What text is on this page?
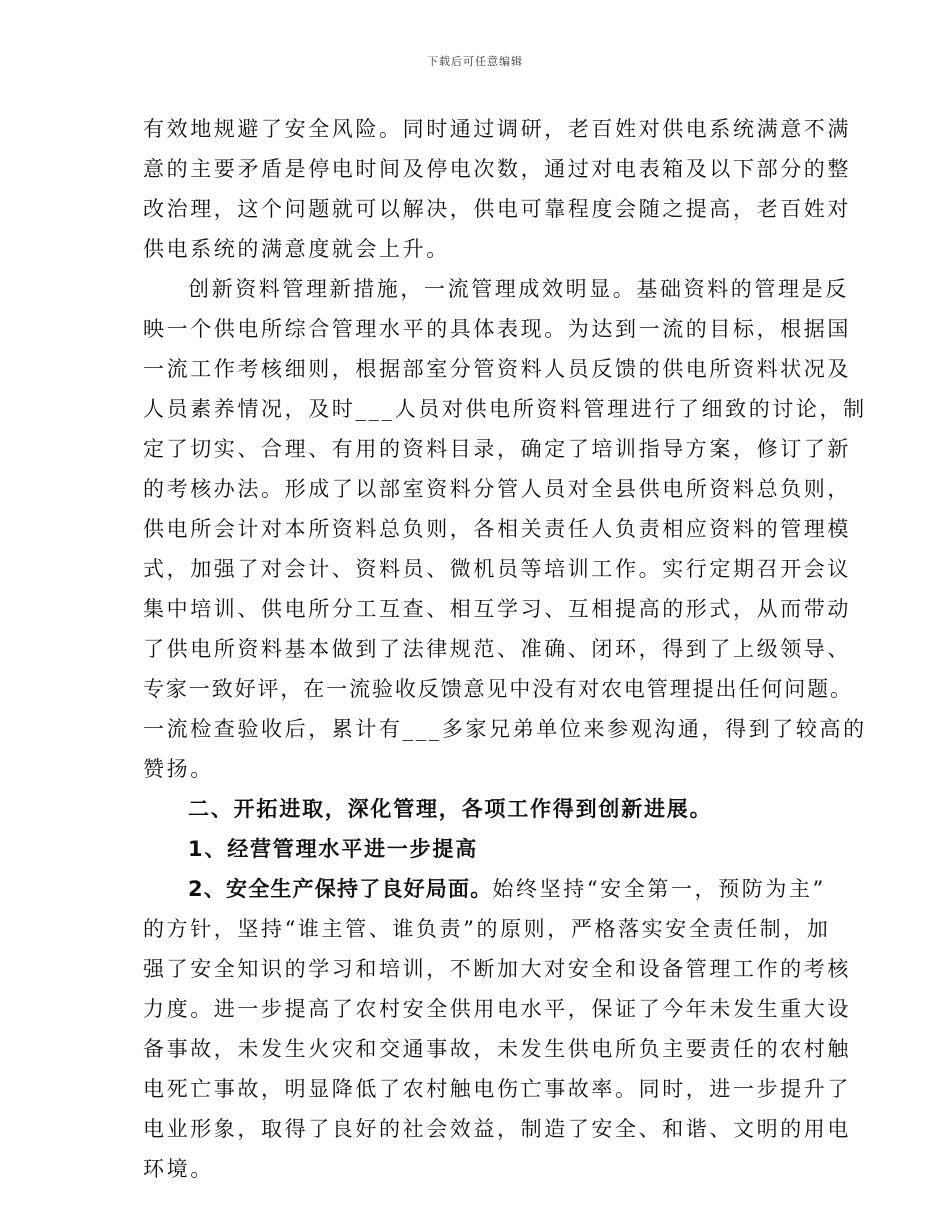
下载后可任意编辑
有效地规避了安全风险。同时通过调研，老百姓对供电系统满意不满
意的主要矛盾是停电时间及停电次数，通过对电表箱及以下部分的整
改治理，这个问题就可以解决，供电可靠程度会随之提高，老百姓对
供电系统的满意度就会上升。
创新资料管理新措施，一流管理成效明显。基础资料的管理是反
映一个供电所综合管理水平的具体表现。为达到一流的目标，根据国
一流工作考核细则，根据部室分管资料人员反馈的供电所资料状况及
人员素养情况，及时___人员对供电所资料管理进行了细致的讨论，制
定了切实、合理、有用的资料目录，确定了培训指导方案，修订了新
的考核办法。形成了以部室资料分管人员对全县供电所资料总负则，
供电所会计对本所资料总负则，各相关责任人负责相应资料的管理模
式，加强了对会计、资料员、微机员等培训工作。实行定期召开会议
集中培训、供电所分工互查、相互学习、互相提高的形式，从而带动
了供电所资料基本做到了法律规范、准确、闭环，得到了上级领导、
专家一致好评，在一流验收反馈意见中没有对农电管理提出任何问题。
一流检查验收后，累计有___多家兄弟单位来参观沟通，得到了较高的
赞扬。
二、开拓进取，深化管理，各项工作得到创新进展。
1、经营管理水平进一步提高
2、安全生产保持了良好局面。始终坚持“安全第一，预防为主”
的方针，坚持“谁主管、谁负责”的原则，严格落实安全责任制，加
强了安全知识的学习和培训，不断加大对安全和设备管理工作的考核
力度。进一步提高了农村安全供用电水平，保证了今年未发生重大设
备事故，未发生火灾和交通事故，未发生供电所负主要责任的农村触
电死亡事故，明显降低了农村触电伤亡事故率。同时，进一步提升了
电业形象，取得了良好的社会效益，制造了安全、和谐、文明的用电
环境。
